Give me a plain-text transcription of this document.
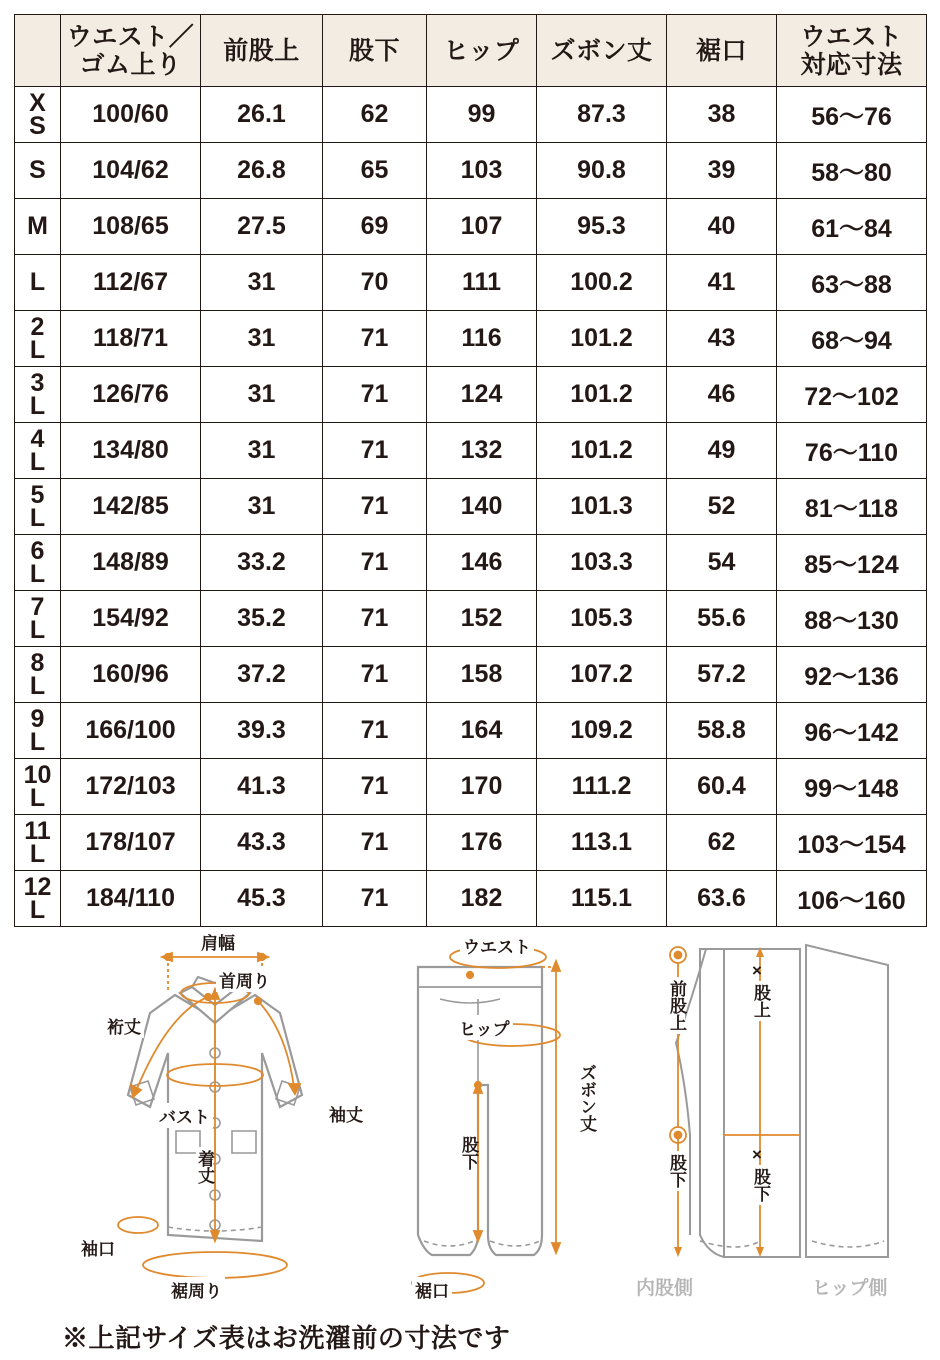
	ウエスト／
ゴム上り	前股上	股下	ヒップ	ズボン丈	裾口	ウエスト
対応寸法

X
S	100/60	26.1	62	99	87.3	38	56〜76

S	104/62	26.8	65	103	90.8	39	58〜80

M	108/65	27.5	69	107	95.3	40	61〜84

L	112/67	31	70	111	100.2	41	63〜88

2
L	118/71	31	71	116	101.2	43	68〜94

3
L	126/76	31	71	124	101.2	46	72〜102

4
L	134/80	31	71	132	101.2	49	76〜110

5
L	142/85	31	71	140	101.3	52	81〜118

6
L	148/89	33.2	71	146	103.3	54	85〜124

7
L	154/92	35.2	71	152	105.3	55.6	88〜130

8
L	160/96	37.2	71	158	107.2	57.2	92〜136

9
L	166/100	39.3	71	164	109.2	58.8	96〜142

10
L	172/103	41.3	71	170	111.2	60.4	99〜148

11
L	178/107	43.3	71	176	113.1	62	103〜154

12
L	184/110	45.3	71	182	115.1	63.6	106〜160
肩幅
首周り
裄丈
バスト	袖丈
着丈
袖口
裾周り
ウエスト
ヒップ
股下
ズボン丈
裾口
前股上
×
股上
股下	×
股下
内股側	ヒップ側
※上記サイズ表はお洗濯前の寸法です
